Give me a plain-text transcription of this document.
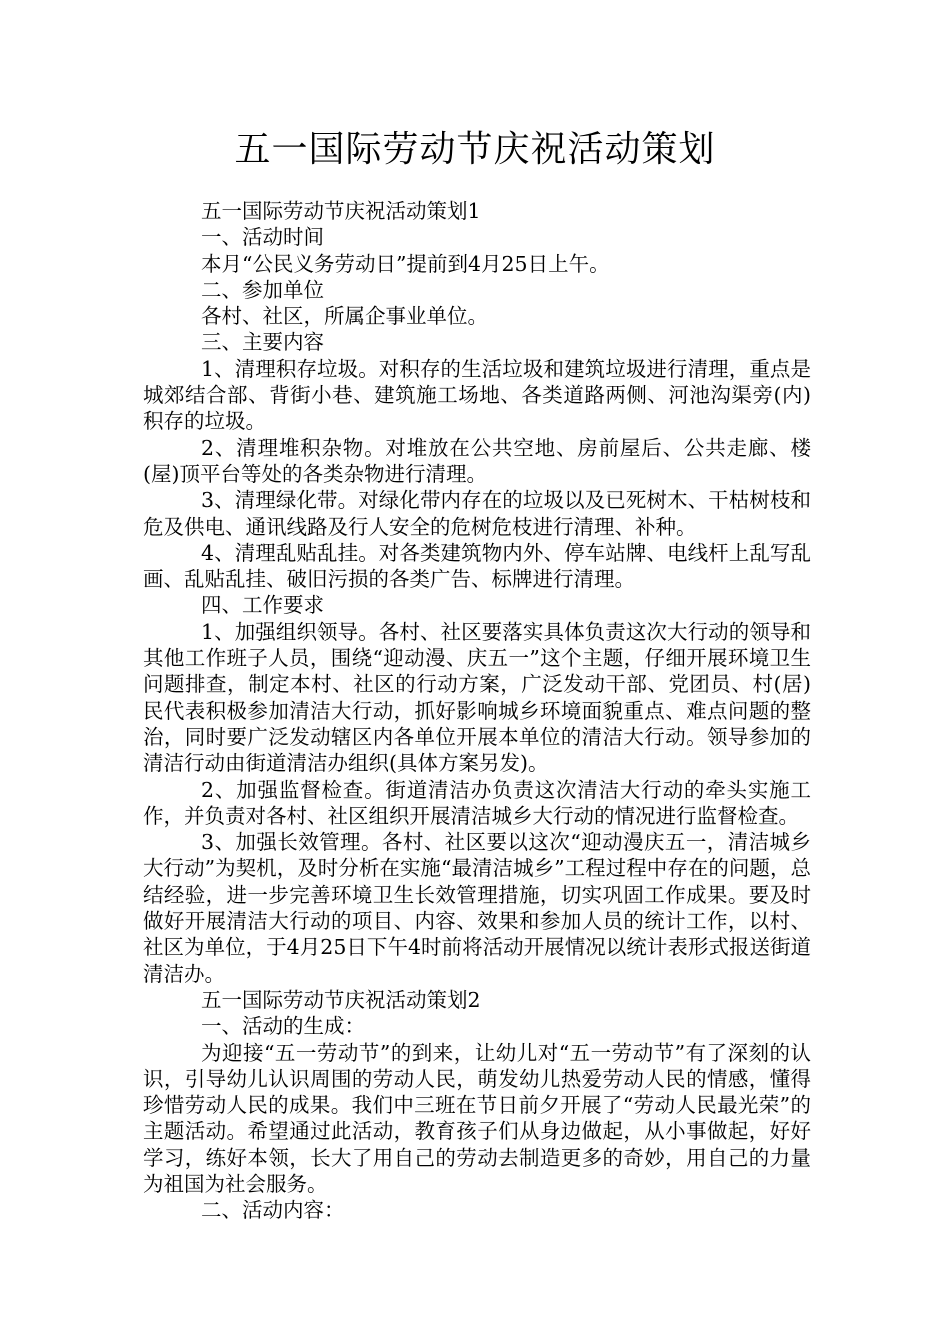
五一国际劳动节庆祝活动策划

五一国际劳动节庆祝活动策划1

一、活动时间

本月“公民义务劳动日”提前到4月25日上午。

二、参加单位

各村、社区，所属企事业单位。

三、主要内容

1、清理积存垃圾。对积存的生活垃圾和建筑垃圾进行清理，重点是城郊结合部、背街小巷、建筑施工场地、各类道路两侧、河池沟渠旁(内)积存的垃圾。

2、清理堆积杂物。对堆放在公共空地、房前屋后、公共走廊、楼(屋)顶平台等处的各类杂物进行清理。

3、清理绿化带。对绿化带内存在的垃圾以及已死树木、干枯树枝和危及供电、通讯线路及行人安全的危树危枝进行清理、补种。

4、清理乱贴乱挂。对各类建筑物内外、停车站牌、电线杆上乱写乱画、乱贴乱挂、破旧污损的各类广告、标牌进行清理。

四、工作要求

1、加强组织领导。各村、社区要落实具体负责这次大行动的领导和其他工作班子人员，围绕“迎动漫、庆五一”这个主题，仔细开展环境卫生问题排查，制定本村、社区的行动方案，广泛发动干部、党团员、村(居)民代表积极参加清洁大行动，抓好影响城乡环境面貌重点、难点问题的整治，同时要广泛发动辖区内各单位开展本单位的清洁大行动。领导参加的清洁行动由街道清洁办组织(具体方案另发)。

2、加强监督检查。街道清洁办负责这次清洁大行动的牵头实施工作，并负责对各村、社区组织开展清洁城乡大行动的情况进行监督检查。

3、加强长效管理。各村、社区要以这次“迎动漫庆五一，清洁城乡大行动”为契机，及时分析在实施“最清洁城乡”工程过程中存在的问题，总结经验，进一步完善环境卫生长效管理措施，切实巩固工作成果。要及时做好开展清洁大行动的项目、内容、效果和参加人员的统计工作，以村、社区为单位，于4月25日下午4时前将活动开展情况以统计表形式报送街道清洁办。

五一国际劳动节庆祝活动策划2

一、活动的生成：

为迎接“五一劳动节”的到来，让幼儿对“五一劳动节”有了深刻的认识，引导幼儿认识周围的劳动人民，萌发幼儿热爱劳动人民的情感，懂得珍惜劳动人民的成果。我们中三班在节日前夕开展了“劳动人民最光荣”的主题活动。希望通过此活动，教育孩子们从身边做起，从小事做起，好好学习，练好本领，长大了用自己的劳动去制造更多的奇妙，用自己的力量为祖国为社会服务。

二、活动内容：
